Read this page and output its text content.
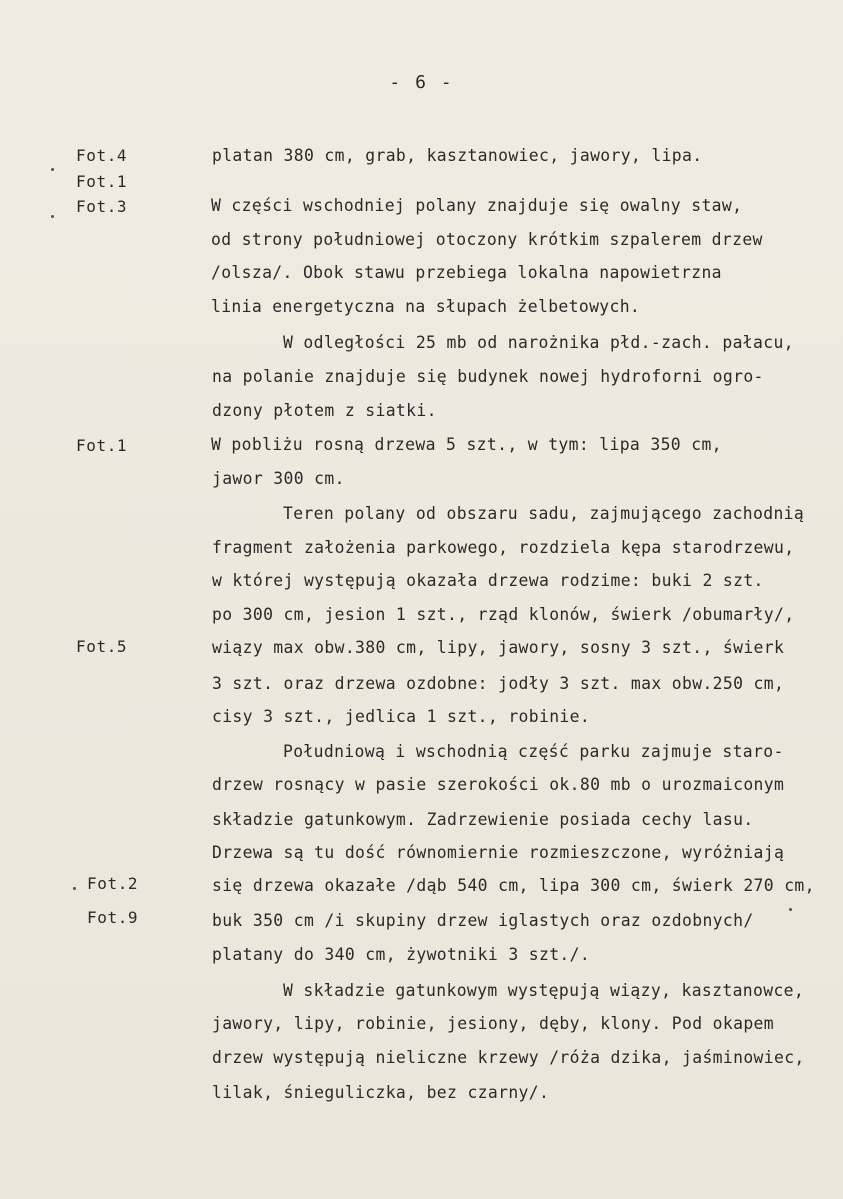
- 6 -
Fot.4
Fot.1
Fot.3
Fot.1
Fot.5
Fot.2
Fot.9
platan 380 cm, grab, kasztanowiec, jawory, lipa.
W części wschodniej polany znajduje się owalny staw,
od strony południowej otoczony krótkim szpalerem drzew
/olsza/. Obok stawu przebiega lokalna napowietrzna
linia energetyczna na słupach żelbetowych.
W odległości 25 mb od narożnika płd.-zach. pałacu,
na polanie znajduje się budynek nowej hydroforni ogro-
dzony płotem z siatki.
W pobliżu rosną drzewa 5 szt., w tym: lipa 350 cm,
jawor 300 cm.
Teren polany od obszaru sadu, zajmującego zachodnią
fragment założenia parkowego, rozdziela kępa starodrzewu,
w której występują okazała drzewa rodzime: buki 2 szt.
po 300 cm, jesion 1 szt., rząd klonów, świerk /obumarły/,
wiązy max obw.380 cm, lipy, jawory, sosny 3 szt., świerk
3 szt. oraz drzewa ozdobne: jodły 3 szt. max obw.250 cm,
cisy 3 szt., jedlica 1 szt., robinie.
Południową i wschodnią część parku zajmuje staro-
drzew rosnący w pasie szerokości ok.80 mb o urozmaiconym
składzie gatunkowym. Zadrzewienie posiada cechy lasu.
Drzewa są tu dość równomiernie rozmieszczone, wyróżniają
się drzewa okazałe /dąb 540 cm, lipa 300 cm, świerk 270 cm,
buk 350 cm /i skupiny drzew iglastych oraz ozdobnych/
platany do 340 cm, żywotniki 3 szt./.
W składzie gatunkowym występują wiązy, kasztanowce,
jawory, lipy, robinie, jesiony, dęby, klony. Pod okapem
drzew występują nieliczne krzewy /róża dzika, jaśminowiec,
lilak, śnieguliczka, bez czarny/.
